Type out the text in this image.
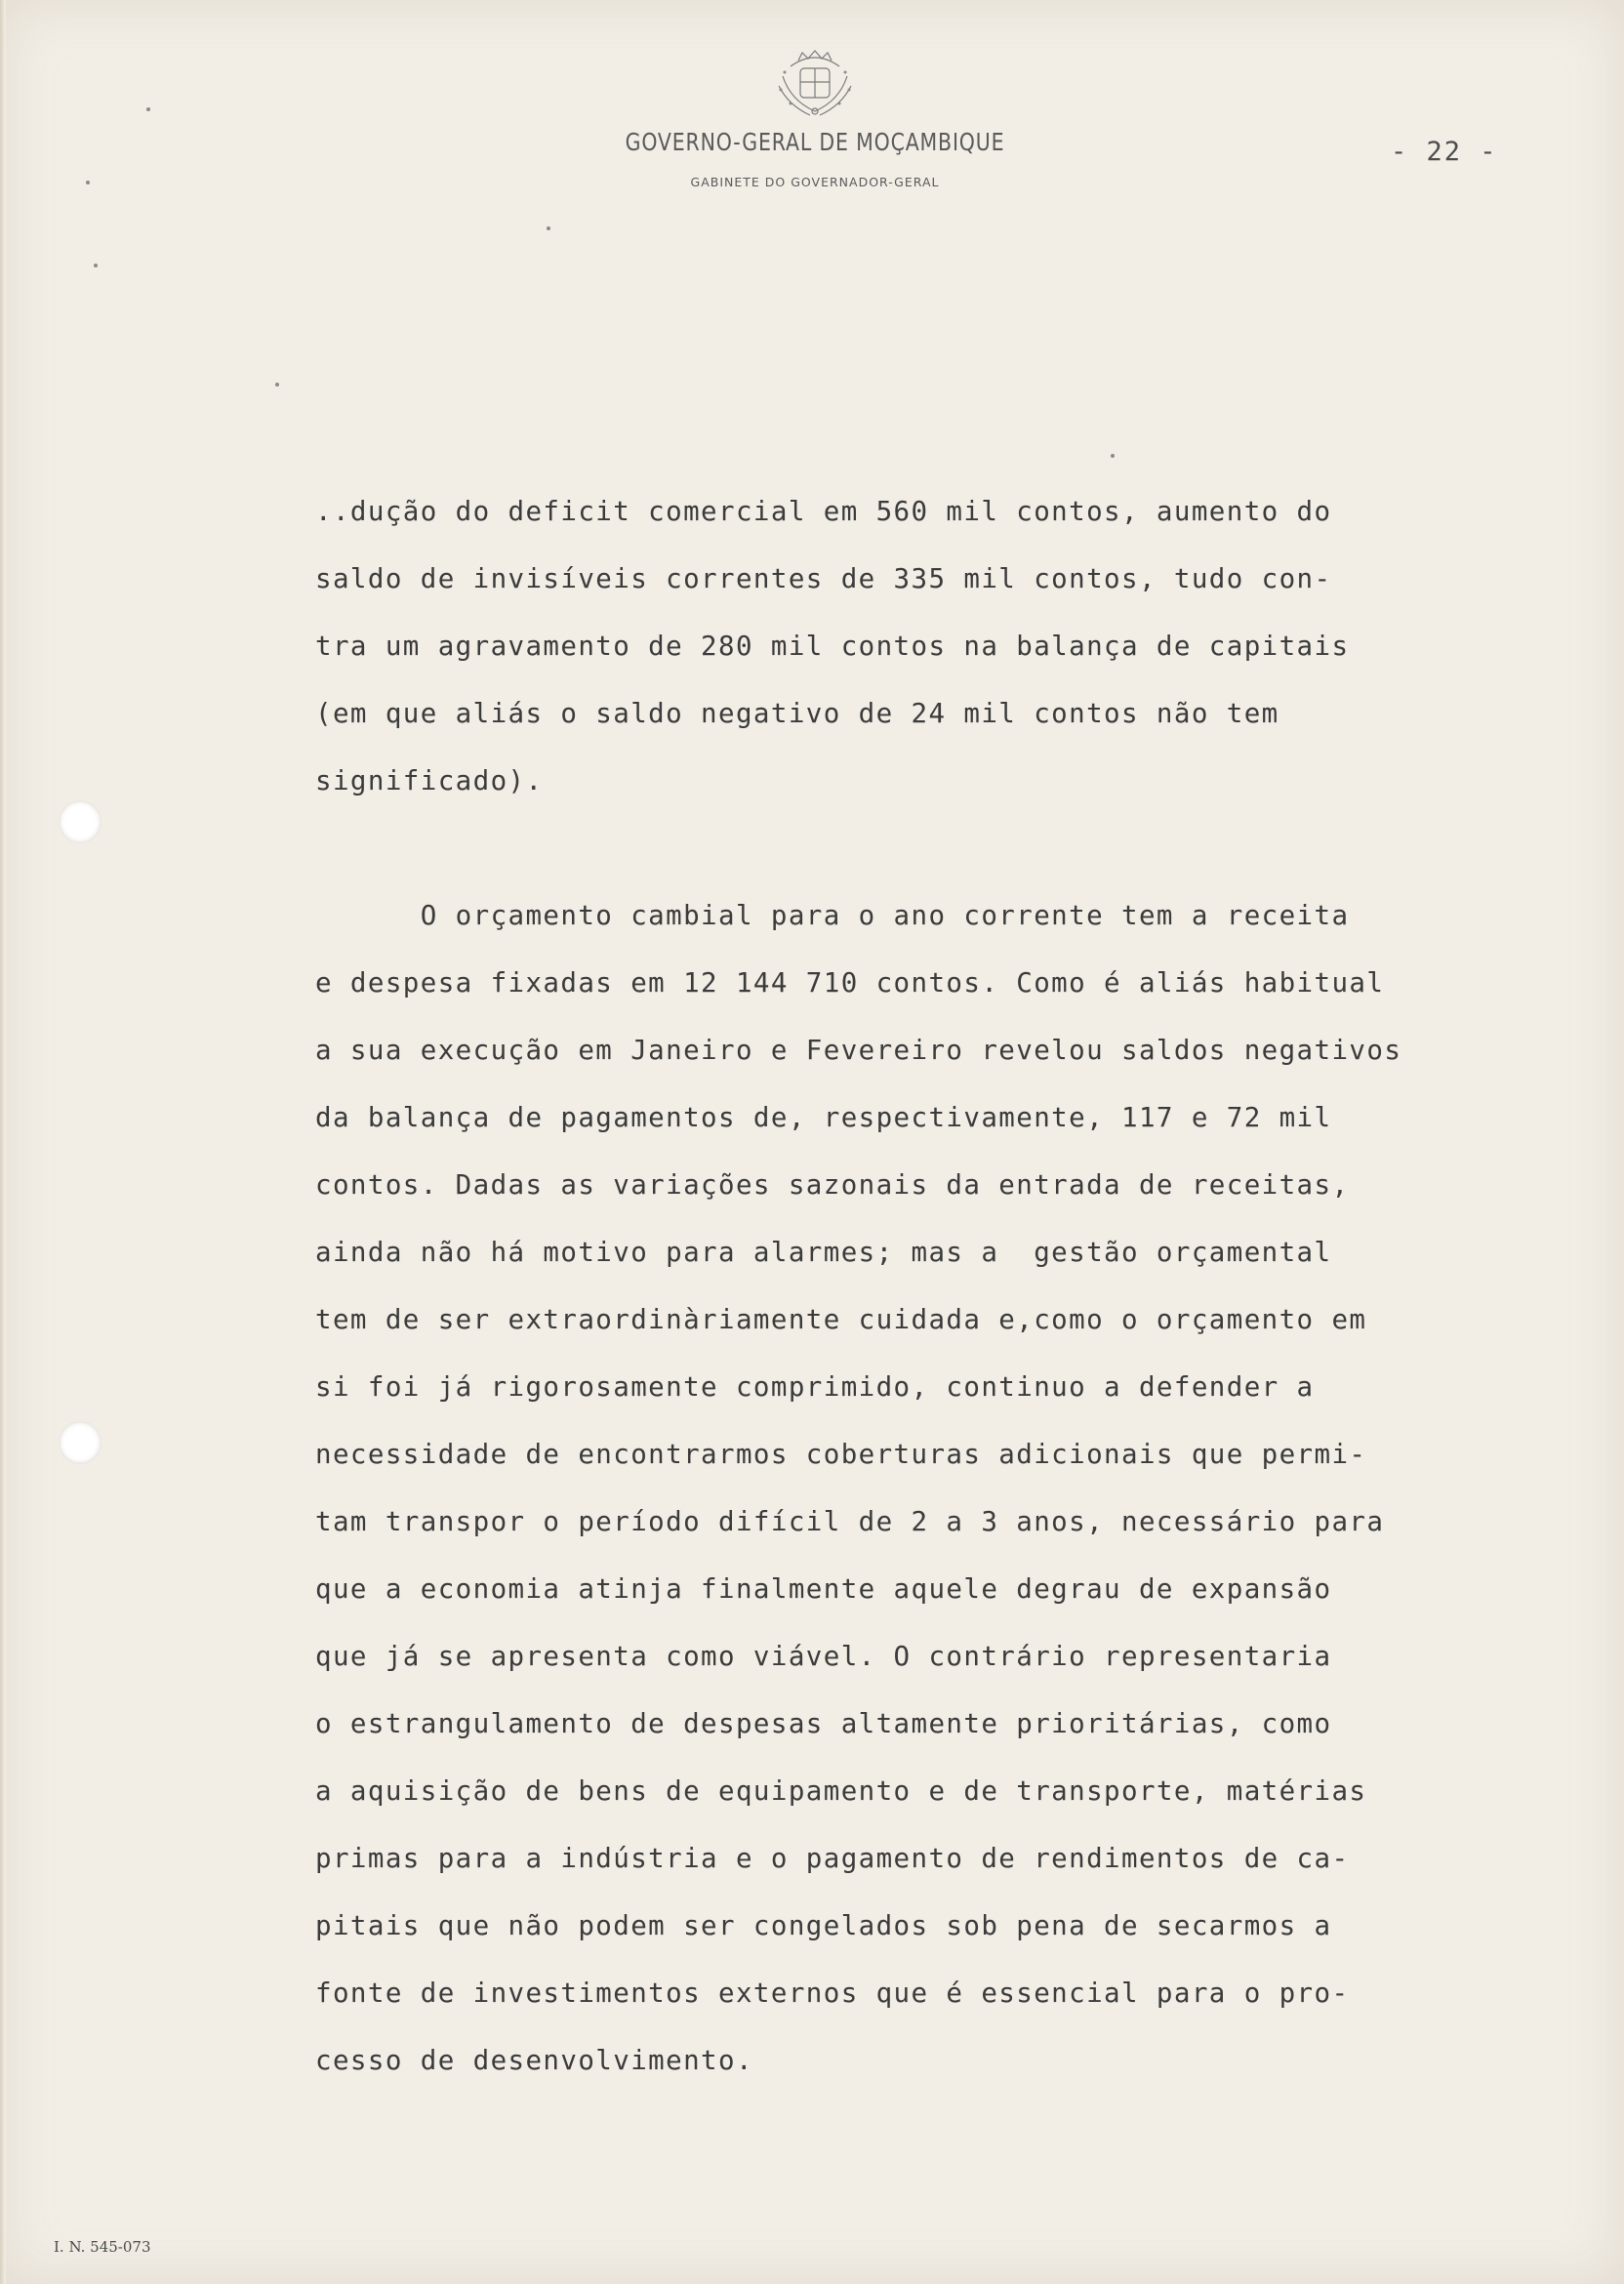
GOVERNO-GERAL DE MOÇAMBIQUE
GABINETE DO GOVERNADOR-GERAL
- 22 -

..dução do deficit comercial em 560 mil contos, aumento do
saldo de invisíveis correntes de 335 mil contos, tudo con-
tra um agravamento de 280 mil contos na balança de capitais
(em que aliás o saldo negativo de 24 mil contos não tem
significado).

O orçamento cambial para o ano corrente tem a receita
e despesa fixadas em 12 144 710 contos. Como é aliás habitual
a sua execução em Janeiro e Fevereiro revelou saldos negativos
da balança de pagamentos de, respectivamente, 117 e 72 mil
contos. Dadas as variações sazonais da entrada de receitas,
ainda não há motivo para alarmes; mas a  gestão orçamental
tem de ser extraordinàriamente cuidada e,como o orçamento em
si foi já rigorosamente comprimido, continuo a defender a
necessidade de encontrarmos coberturas adicionais que permi-
tam transpor o período difícil de 2 a 3 anos, necessário para
que a economia atinja finalmente aquele degrau de expansão
que já se apresenta como viável. O contrário representaria
o estrangulamento de despesas altamente prioritárias, como
a aquisição de bens de equipamento e de transporte, matérias
primas para a indústria e o pagamento de rendimentos de ca-
pitais que não podem ser congelados sob pena de secarmos a
fonte de investimentos externos que é essencial para o pro-
cesso de desenvolvimento.

I. N. 545-073
